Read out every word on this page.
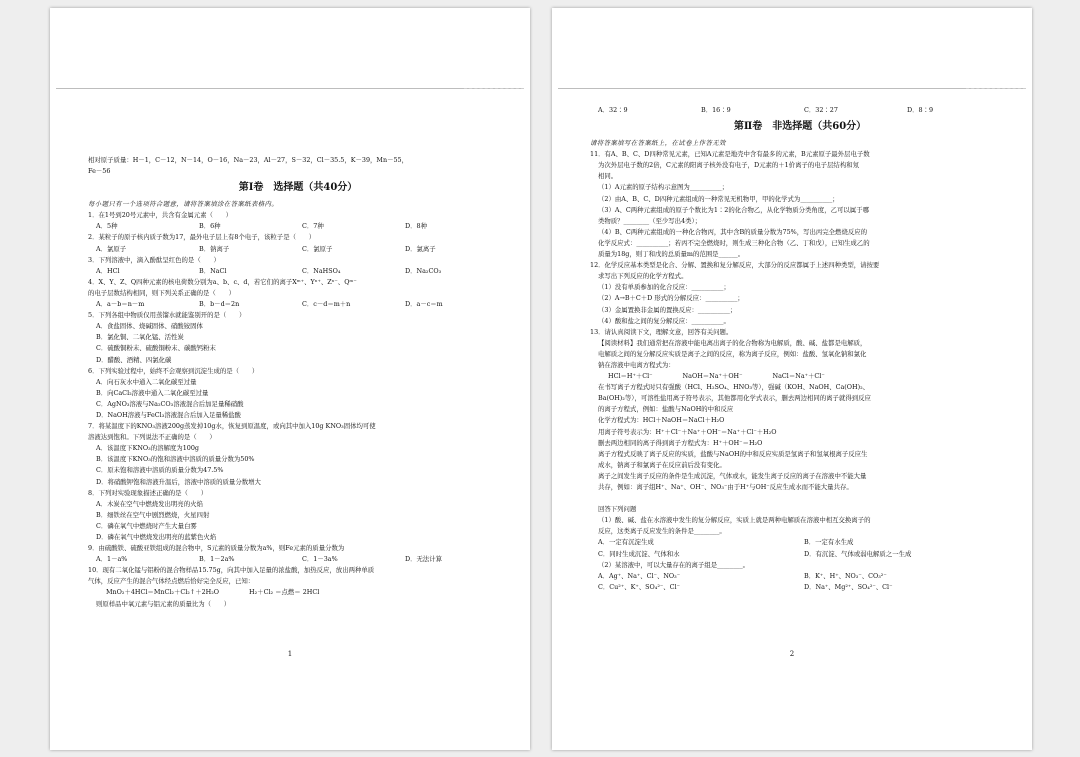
相对原子质量：H－1，C－12，N－14，O－16，Na－23，Al－27，S－32，Cl－35.5，K－39，Mn－55，
Fe－56
第Ⅰ卷　选择题（共40分）
每小题只有一个选项符合题意，请将答案填涂在答案纸表格内。
1．在1号到20号元素中，共含有金属元素（　　）
A．5种	B．6种	C．7种	D．8种
2．某粒子的原子核内质子数为17，最外电子层上有8个电子，该粒子是（　　）
A．氯原子	B．钠离子	C．氯原子	D．氯离子
3．下列溶液中，滴入酚酞呈红色的是（　　）
A．HCl	B．NaCl	C．NaHSO₄	D．Na₂CO₃
4．X、Y、Z、Q四种元素的核电荷数分别为a、b、c、d，若它们的离子Xᵐ⁺、Yⁿ⁺、Zⁿ⁻、Qᵐ⁻
的电子层数结构相同，则下列关系正确的是（　　）
A．a－b＝n－m	B．b－d＝2n	C．c－d＝m＋n	D．a－c＝m
5．下列各组中物质仅用蒸馏水就能鉴别开的是（　　）
A．食盐固体、烧碱固体、硝酸铵固体
B．氯化铜、二氧化锰、活性炭
C．硫酸铜粉末、硫酸铜粉末、碳酸钙粉末
D．醋酸、酒精、四氯化碳
6．下列实验过程中，始终不会观察到沉淀生成的是（　　）
A．向石灰水中通入二氧化碳至过量
B．向CaCl₂溶液中通入二氧化碳至过量
C．AgNO₃溶液与Na₂CO₃溶液混合后加足量稀硝酸
D．NaOH溶液与FeCl₃溶液混合后加入足量稀盐酸
7．将某温度下的KNO₃溶液200g蒸发掉10g水，恢复到原温度，或向其中加入10g KNO₃固体均可使
溶液达到饱和。下列说法不正确的是（　　）
A．该温度下KNO₃的溶解度为100g
B．该温度下KNO₃的饱和溶液中溶质的质量分数为50%
C．原未饱和溶液中溶质的质量分数为47.5%
D．将硝酸钾饱和溶液升温后，溶液中溶质的质量分数增大
8．下列对实验现象描述正确的是（　　）
A．木炭在空气中燃烧发出明亮的火焰
B．细铁丝在空气中剧烈燃烧，火星四射
C．磷在氧气中燃烧时产生大量白雾
D．磷在氧气中燃烧发出明亮的蓝紫色火焰
9．由硫酸铁、硫酸亚铁组成的混合物中，S元素的质量分数为a%，则Fe元素的质量分数为
A．1－a%	B．1－2a%	C．1－3a%	D．无法计算
10．现有二氧化锰与铝粉的混合物样品15.75g，向其中加入足量的浓盐酸，加热反应，放出两种单质
气体，反应产生的混合气体经点燃后恰好完全反应，已知：
MnO₂＋4HCl＝MnCl₂＋Cl₂↑＋2H₂O	H₂＋Cl₂ ＝点燃＝ 2HCl
则原样品中氧元素与铝元素的质量比为（　　）
1
A．32∶9	B．16∶9	C．32∶27	D．8∶9
第Ⅱ卷　非选择题（共60分）
请将答案填写在答案纸上，在试卷上作答无效
11．有A、B、C、D四种常见元素，已知A元素是地壳中含有最多的元素，B元素原子最外层电子数
为次外层电子数的2倍，C元素的阳离子核外没有电子，D元素的＋1价离子的电子层结构和氖
相同。
（1）A元素的原子结构示意图为__________；
（2）由A、B、C、D四种元素组成的一种常见无机物甲，甲的化学式为__________；
（3）A、C两种元素组成的原子个数比为1∶2的化合物乙，从化学物质分类角度，乙可以属于哪
类物质？________（至少写出4类）；
（4）B、C两种元素组成的一种化合物丙，其中含B的质量分数为75%，写出丙完全燃烧反应的
化学反应式：__________；若丙不完全燃烧时，则生成三种化合物（乙、丁和戊），已知生成乙的
质量为18g，则丁和戊的总质量m的范围是______。
12．化学反应基本类型是化合、分解、置换和复分解反应，大部分的反应都属于上述四种类型，请按要
求写出下列反应的化学方程式。
（1）没有单质参加的化合反应：__________；
（2）A→B＋C＋D 形式的分解反应：__________；
（3）金属置换非金属的置换反应：__________；
（4）酸和盐之间的复分解反应：__________。
13．请认真阅读下文，理解文意，回答有关问题。
【阅读材料】我们通常把在溶液中能电离出离子的化合物称为电解质，酸、碱、盐都是电解质，
电解质之间的复分解反应实质是离子之间的反应，称为离子反应，例如：盐酸、氢氧化钠和氯化
钠在溶液中电离方程式为：
HCl＝H⁺＋Cl⁻	NaOH＝Na⁺＋OH⁻	NaCl＝Na⁺＋Cl⁻
在书写离子方程式时只有强酸（HCl、H₂SO₄、HNO₃等），强碱（KOH、NaOH、Ca(OH)₂、
Ba(OH)₂等），可溶性盐用离子符号表示，其他都用化学式表示，删去两边相同的离子就得到反应
的离子方程式，例如：盐酸与NaOH的中和反应
化学方程式为：HCl＋NaOH＝NaCl＋H₂O
用离子符号表示为：H⁺＋Cl⁻＋Na⁺＋OH⁻＝Na⁺＋Cl⁻＋H₂O
删去两边相同的离子得到离子方程式为：H⁺＋OH⁻＝H₂O
离子方程式反映了离子反应的实质，盐酸与NaOH的中和反应实质是氢离子和氢氧根离子反应生
成水，钠离子和氯离子在反应前后没有变化。
离子之间发生离子反应的条件是生成沉淀，气体或水，能发生离子反应的离子在溶液中不能大量
共存，例如：离子组H⁺、Na⁺、OH⁻、NO₃⁻由于H⁺与OH⁻反应生成水而不能大量共存。
回答下列问题
（1）酸、碱、盐在水溶液中发生的复分解反应，实质上就是两种电解质在溶液中相互交换离子的
反应，这类离子反应发生的条件是________。
A．一定有沉淀生成	B．一定有水生成
C．同时生成沉淀、气体和水	D．有沉淀、气体或弱电解质之一生成
（2）某溶液中，可以大量存在的离子组是________。
A．Ag⁺、Na⁺、Cl⁻、NO₃⁻	B．K⁺、H⁺、NO₃⁻、CO₃²⁻
C．Cu²⁺、K⁺、SO₄²⁻、Cl⁻	D．Na⁺、Mg²⁺、SO₄²⁻、Cl⁻
2
